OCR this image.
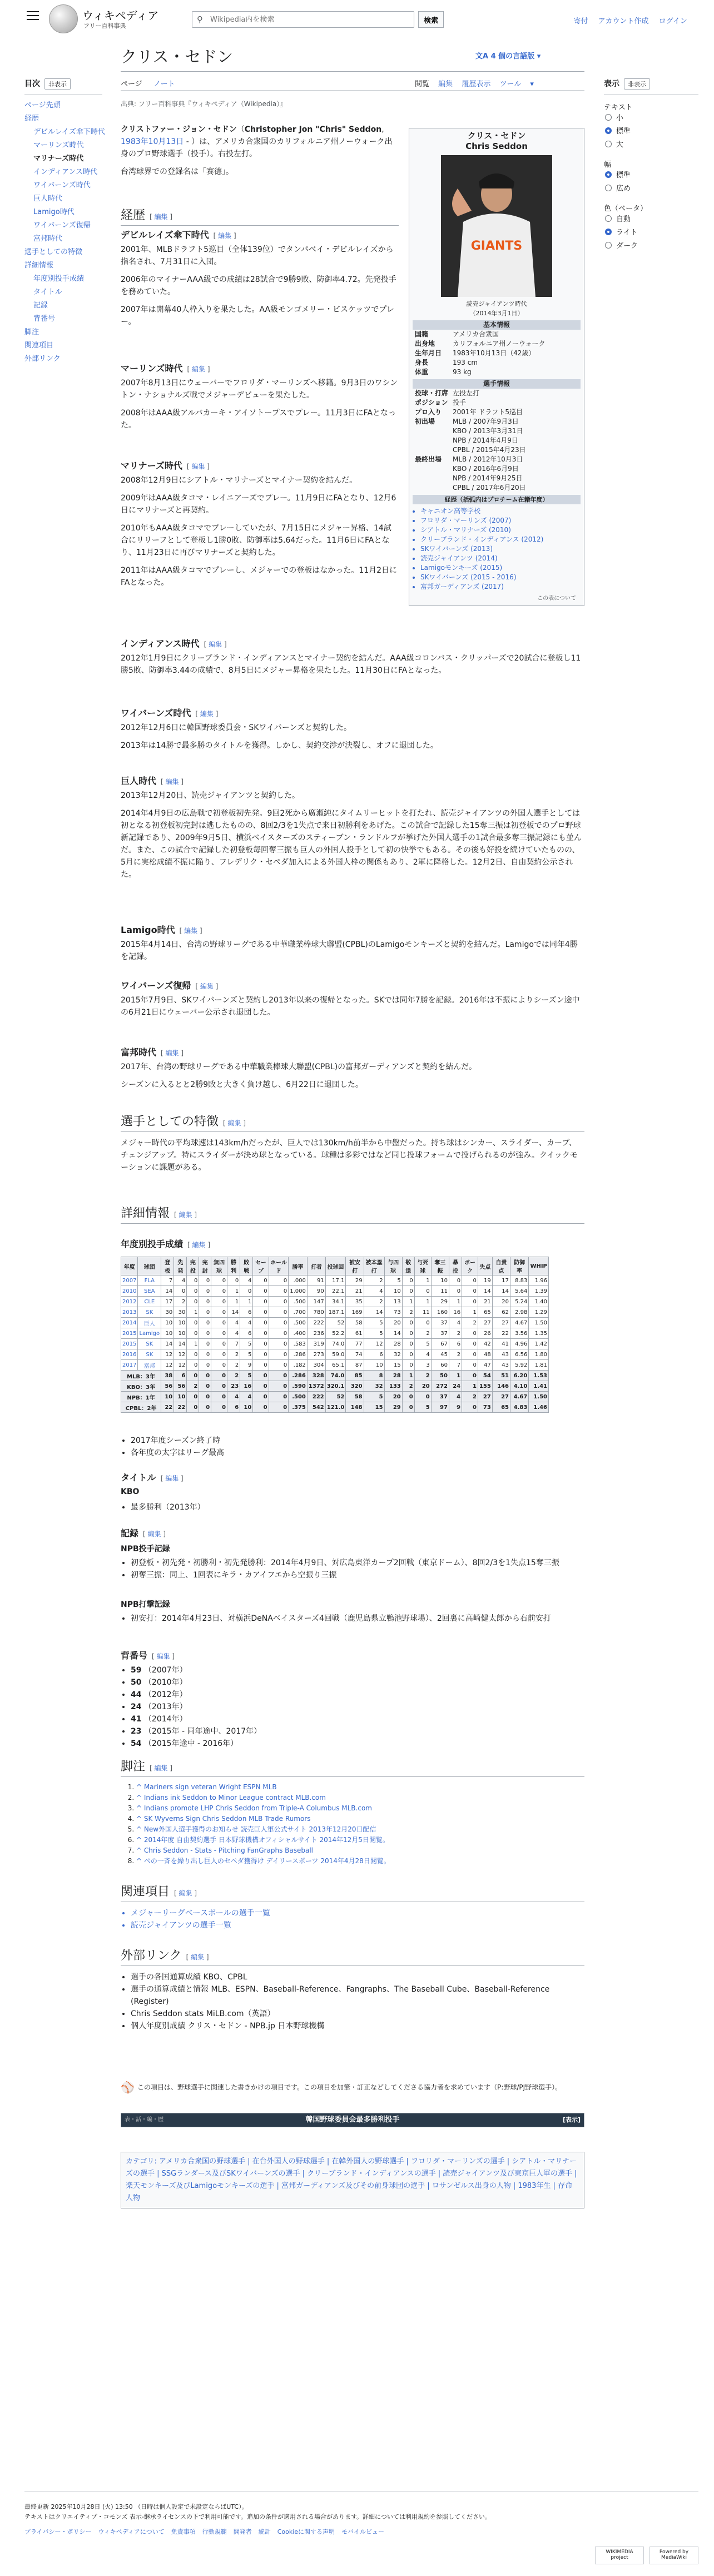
ウィキペディア
フリー百科事典
⚲
Wikipedia内を検索	検索	寄付 アカウント作成 ログイン
目次 非表示
ページ先頭
経歴
デビルレイズ傘下時代
マーリンズ時代
マリナーズ時代
インディアンス時代
ワイバーンズ時代
巨人時代
Lamigo時代
ワイバーンズ復帰
富邦時代
選手としての特徴
詳細情報
年度別投手成績
タイトル
記録
背番号
脚注
関連項目
外部リンク
クリス・セドン	文A 4 個の言語版 ▾
ページ ノート	閲覧 編集 履歴表示 ツール ▾
出典: フリー百科事典『ウィキペディア（Wikipedia）』
表示 非表示
テキスト
小
標準
大
幅
標準
広め
色（ベータ）
自動
ライト
ダーク

クリストファー・ジョン・セドン（Christopher Jon "Chris" Seddon, 1983年10月13日 - ）は、アメリカ合衆国のカリフォルニア州ノーウォーク出身のプロ野球選手（投手）。右投左打。

台湾球界での登録名は「赛德」。

クリス・セドン
Chris Seddon
GIANTS
読売ジャイアンツ時代
（2014年3月1日）
基本情報
国籍	アメリカ合衆国
出身地	カリフォルニア州ノーウォーク
生年月日	1983年10月13日（42歳）
身長	193 cm
体重	93 kg
選手情報
投球・打席 左投左打
ポジション 投手
プロ入り	2001年 ドラフト5巡目
初出場	MLB / 2007年9月3日
KBO / 2013年3月31日
NPB / 2014年4月9日
CPBL / 2015年4月23日
最終出場	MLB / 2012年10月3日
KBO / 2016年6月9日
NPB / 2014年9月25日
CPBL / 2017年6月20日
経歴（括弧内はプロチーム在籍年度）
• キャニオン高等学校
• フロリダ・マーリンズ (2007)
• シアトル・マリナーズ (2010)
• クリーブランド・インディアンス (2012)
• SKワイバーンズ (2013)
• 読売ジャイアンツ (2014)
• Lamigoモンキーズ (2015)
• SKワイバーンズ (2015 - 2016)
• 富邦ガーディアンズ (2017)
この表について
経歴 [ 編集 ]
デビルレイズ傘下時代 [ 編集 ]

2001年、MLBドラフト5巡目（全体139位）でタンパベイ・デビルレイズから指名され、7月31日に入団。

2006年のマイナーAAA級での成績は28試合で9勝9敗、防御率4.72。先発投手を務めていた。

2007年は開幕40人枠入りを果たした。AA級モンゴメリー・ビスケッツでプレー。

マーリンズ時代 [ 編集 ]

2007年8月13日にウェーバーでフロリダ・マーリンズへ移籍。9月3日のワシントン・ナショナルズ戦でメジャーデビューを果たした。

2008年はAAA級アルバカーキ・アイソトープスでプレー。11月3日にFAとなった。

マリナーズ時代 [ 編集 ]

2008年12月9日にシアトル・マリナーズとマイナー契約を結んだ。

2009年はAAA級タコマ・レイニアーズでプレー。11月9日にFAとなり、12月6日にマリナーズと再契約。

2010年もAAA級タコマでプレーしていたが、7月15日にメジャー昇格、14試合にリリーフとして登板し1勝0敗、防御率は5.64だった。11月6日にFAとなり、11月23日に再びマリナーズと契約した。

2011年はAAA級タコマでプレーし、メジャーでの登板はなかった。11月2日にFAとなった。

インディアンス時代 [ 編集 ]

2012年1月9日にクリーブランド・インディアンスとマイナー契約を結んだ。AAA級コロンバス・クリッパーズで20試合に登板し11勝5敗、防御率3.44の成績で、8月5日にメジャー昇格を果たした。11月30日にFAとなった。

ワイバーンズ時代 [ 編集 ]

2012年12月6日に韓国野球委員会・SKワイバーンズと契約した。

2013年は14勝で最多勝のタイトルを獲得。しかし、契約交渉が決裂し、オフに退団した。

巨人時代 [ 編集 ]

2013年12月20日、読売ジャイアンツと契約した。

2014年4月9日の広島戦で初登板初先発。9回2死から廣瀬純にタイムリーヒットを打たれ、読売ジャイアンツの外国人選手としては初となる初登板初完封は逃したものの、8回2/3を1失点で来日初勝利をあげた。この試合で記録した15奪三振は初登板でのプロ野球新記録であり、2009年9月5日、横浜ベイスターズのスティーブン・ランドルフが挙げた外国人選手の1試合最多奪三振記録にも並んだ。また、この試合で記録した初登板毎回奪三振も巨人の外国人投手として初の快挙でもある。その後も好投を続けていたものの、5月に実松成績不振に陥り、フレデリク・セペダ加入による外国人枠の関係もあり、2軍に降格した。12月2日、自由契約公示された。

Lamigo時代 [ 編集 ]

2015年4月14日、台湾の野球リーグである中華職業棒球大聯盟(CPBL)のLamigoモンキーズと契約を結んだ。Lamigoでは同年4勝を記録。

ワイバーンズ復帰 [ 編集 ]

2015年7月9日、SKワイバーンズと契約し2013年以来の復帰となった。SKでは同年7勝を記録。2016年は不振によりシーズン途中の6月21日にウェーバー公示され退団した。

富邦時代 [ 編集 ]

2017年、台湾の野球リーグである中華職業棒球大聯盟(CPBL)の富邦ガーディアンズと契約を結んだ。

シーズンに入るとと2勝9敗と大きく負け越し、6月22日に退団した。

選手としての特徴 [ 編集 ]

メジャー時代の平均球速は143km/hだったが、巨人では130km/h前半から中盤だった。持ち球はシンカー、スライダー、カーブ、チェンジアップ。特にスライダーが決め球となっている。球種は多彩ではなど同じ投球フォームで投げられるのが強み。クイックモーションに課題がある。

詳細情報 [ 編集 ]
年度別投手成績 [ 編集 ]
年度	球団	登板	先発	完投	完封	無四球	勝利	敗戦	セーブ	ホールド	勝率	打者	投球回	被安打	被本塁打	与四球	敬遠	与死球	奪三振	暴投	ボーク	失点	自責点	防御率	WHIP
2007	FLA	7	4	0	0	0	0	4	0	0	.000	91	17.1	29	2	5	0	1	10	0	0	19	17	8.83	1.96
2010	SEA	14	0	0	0	0	1	0	0	0	1.000	90	22.1	21	4	10	0	0	11	0	0	14	14	5.64	1.39
2012	CLE	17	2	0	0	0	1	1	0	0	.500	147	34.1	35	2	13	1	1	29	1	0	21	20	5.24	1.40
2013	SK	30	30	1	0	0	14	6	0	0	.700	780	187.1	169	14	73	2	11	160	16	1	65	62	2.98	1.29
2014	巨人	10	10	0	0	0	4	4	0	0	.500	222	52	58	5	20	0	0	37	4	2	27	27	4.67	1.50
2015	Lamigo	10	10	0	0	0	4	6	0	0	.400	236	52.2	61	5	14	0	2	37	2	0	26	22	3.56	1.35
2015	SK	14	14	1	0	0	7	5	0	0	.583	319	74.0	77	12	28	0	5	67	6	0	42	41	4.96	1.42
2016	SK	12	12	0	0	0	2	5	0	0	.286	273	59.0	74	6	32	0	4	45	2	0	48	43	6.56	1.80
2017	富邦	12	12	0	0	0	2	9	0	0	.182	304	65.1	87	10	15	0	3	60	7	0	47	43	5.92	1.81
MLB：3年		38	6	0	0	0	2	5	0	0	.286	328	74.0	85	8	28	1	2	50	1	0	54	51	6.20	1.53
KBO：3年		56	56	2	0	0	23	16	0	0	.590	1372	320.1	320	32	133	2	20	272	24	1	155	146	4.10	1.41
NPB：1年		10	10	0	0	0	4	4	0	0	.500	222	52	58	5	20	0	0	37	4	2	27	27	4.67	1.50
CPBL：2年		22	22	0	0	0	6	10	0	0	.375	542	121.0	148	15	29	0	5	97	9	0	73	65	4.83	1.46
• 2017年度シーズン終了時
• 各年度の太字はリーグ最高
タイトル [ 編集 ]
KBO
• 最多勝利（2013年）
記録 [ 編集 ]
NPB投手記録
• 初登板・初先発・初勝利・初先発勝利：2014年4月9日、対広島東洋カープ2回戦（東京ドーム）、8回2/3を1失点15奪三振
• 初奪三振：同上、1回表にキラ・カアイフエから空振り三振
NPB打撃記録
• 初安打：2014年4月23日、対横浜DeNAベイスターズ4回戦（鹿児島県立鴨池野球場）、2回裏に高崎健太郎から右前安打
背番号 [ 編集 ]
• 59 （2007年）
• 50 （2010年）
• 44 （2012年）
• 24 （2013年）
• 41 （2014年）
• 23 （2015年 - 同年途中、2017年）
• 54 （2015年途中 - 2016年）
脚注 [ 編集 ]
1. ^ Mariners sign veteran Wright ESPN MLB
2. ^ Indians ink Seddon to Minor League contract MLB.com
3. ^ Indians promote LHP Chris Seddon from Triple-A Columbus MLB.com
4. ^ SK Wyverns Sign Chris Seddon MLB Trade Rumors
5. ^ New外国人選手獲得のお知らせ 読売巨人軍公式サイト 2013年12月20日配信
6. ^ 2014年度 自由契約選手 日本野球機構オフィシャルサイト 2014年12月5日閲覧。
7. ^ Chris Seddon - Stats - Pitching FanGraphs Baseball
8. ^ ぺの一斉を繰り出し巨人のセペダ獲得け デイリースポーツ 2014年4月28日閲覧。
関連項目 [ 編集 ]
• メジャーリーグベースボールの選手一覧
• 読売ジャイアンツの選手一覧
外部リンク [ 編集 ]
• 選手の各国通算成績 KBO、CPBL
• 選手の通算成績と情報 MLB、ESPN、Baseball-Reference、Fangraphs、The Baseball Cube、Baseball-Reference (Register)
• Chris Seddon stats MiLB.com（英語）
• 個人年度別成績 クリス・セドン - NPB.jp 日本野球機構
⚾ この項目は、野球選手に関連した書きかけの項目です。この項目を加筆・訂正などしてくださる協力者を求めています（P:野球/PJ野球選手）。
表・話・編・歴	韓国野球委員会最多勝利投手	[表示]
カテゴリ: アメリカ合衆国の野球選手 | 在台外国人の野球選手 | 在韓外国人の野球選手 | フロリダ・マーリンズの選手 | シアトル・マリナーズの選手 | SSGランダース及びSKワイバーンズの選手 | クリーブランド・インディアンスの選手 | 読売ジャイアンツ及び東京巨人軍の選手 | 楽天モンキーズ及びLamigoモンキーズの選手 | 富邦ガーディアンズ及びその前身球団の選手 | ロサンゼルス出身の人物 | 1983年生 | 存命人物
最終更新 2025年10月28日 (火) 13:50 （日時は個人設定で未設定ならばUTC）。
テキストはクリエイティブ・コモンズ 表示-継承ライセンスの下で利用可能です。追加の条件が適用される場合があります。詳細については利用規約を参照してください。
プライバシー・ポリシー ウィキペディアについて 免責事項 行動規範 開発者 統計 Cookieに関する声明 モバイルビュー
WIKIMEDIA project
Powered by MediaWiki
